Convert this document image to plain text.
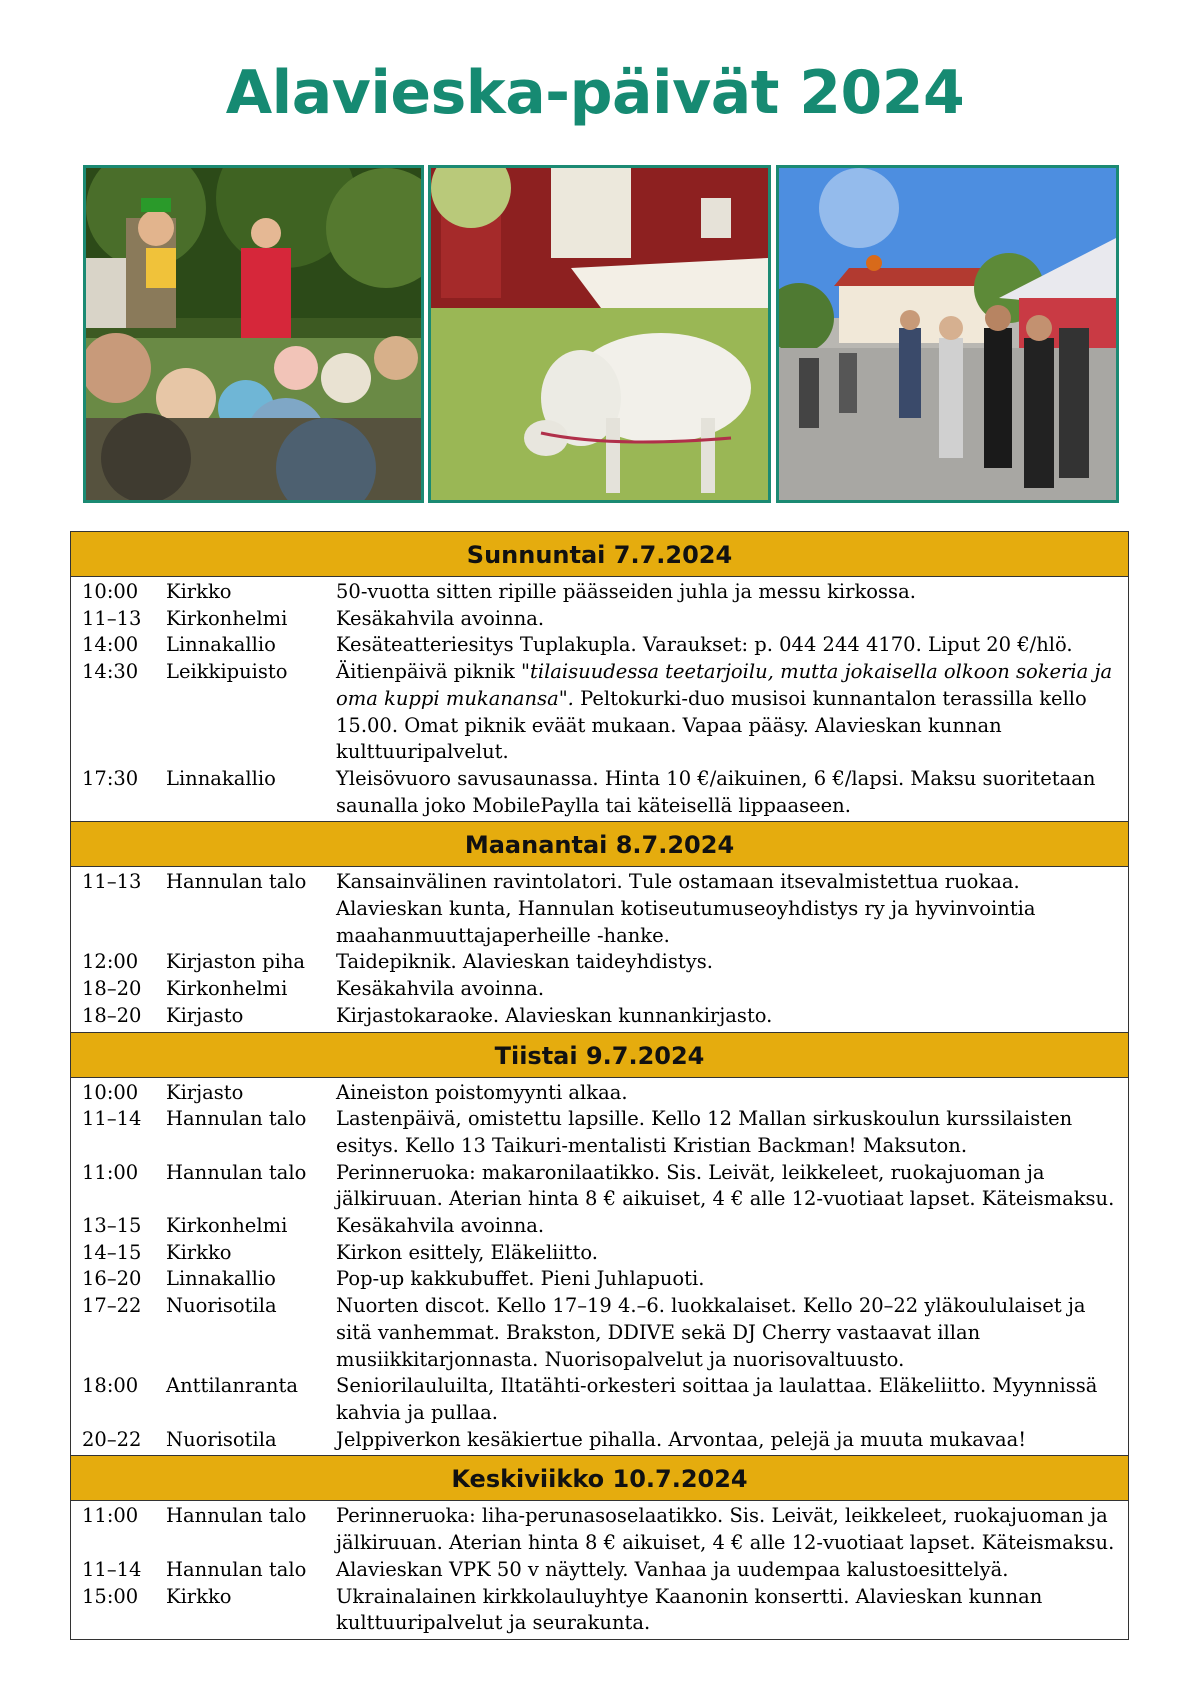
Alavieska-päivät 2024
Sunnuntai 7.7.2024
10:00	Kirkko	50-vuotta sitten ripille päässeiden juhla ja messu kirkossa.
11–13	Kirkonhelmi	Kesäkahvila avoinna.
14:00	Linnakallio	Kesäteatteriesitys Tuplakupla. Varaukset: p. 044 244 4170. Liput 20 €/hlö.
14:30	Leikkipuisto	Äitienpäivä piknik "tilaisuudessa teetarjoilu, mutta jokaisella olkoon sokeria ja oma kuppi mukanansa". Peltokurki-duo musisoi kunnantalon terassilla kello 15.00. Omat piknik eväät mukaan. Vapaa pääsy. Alavieskan kunnan kulttuuripalvelut.
17:30	Linnakallio	Yleisövuoro savusaunassa. Hinta 10 €/aikuinen, 6 €/lapsi. Maksu suoritetaan saunalla joko MobilePaylla tai käteisellä lippaaseen.
Maanantai 8.7.2024
11–13	Hannulan talo	Kansainvälinen ravintolatori. Tule ostamaan itsevalmistettua ruokaa. Alavieskan kunta, Hannulan kotiseutumuseoyhdistys ry ja hyvinvointia maahanmuuttajaperheille -hanke.
12:00	Kirjaston piha	Taidepiknik. Alavieskan taideyhdistys.
18–20	Kirkonhelmi	Kesäkahvila avoinna.
18–20	Kirjasto	Kirjastokaraoke. Alavieskan kunnankirjasto.
Tiistai 9.7.2024
10:00	Kirjasto	Aineiston poistomyynti alkaa.
11–14	Hannulan talo	Lastenpäivä, omistettu lapsille. Kello 12 Mallan sirkuskoulun kurssilaisten esitys. Kello 13 Taikuri-mentalisti Kristian Backman! Maksuton.
11:00	Hannulan talo	Perinneruoka: makaronilaatikko. Sis. Leivät, leikkeleet, ruokajuoman ja jälkiruuan. Aterian hinta 8 € aikuiset, 4 € alle 12-vuotiaat lapset. Käteismaksu.
13–15	Kirkonhelmi	Kesäkahvila avoinna.
14–15	Kirkko	Kirkon esittely, Eläkeliitto.
16–20	Linnakallio	Pop-up kakkubuffet. Pieni Juhlapuoti.
17–22	Nuorisotila	Nuorten discot. Kello 17–19 4.–6. luokkalaiset. Kello 20–22 yläkoululaiset ja sitä vanhemmat. Brakston, DDIVE sekä DJ Cherry vastaavat illan musiikkitarjonnasta. Nuorisopalvelut ja nuorisovaltuusto.
18:00	Anttilanranta	Seniorilauluilta, Iltatähti-orkesteri soittaa ja laulattaa. Eläkeliitto. Myynnissä kahvia ja pullaa.
20–22	Nuorisotila	Jelppiverkon kesäkiertue pihalla. Arvontaa, pelejä ja muuta mukavaa!
Keskiviikko 10.7.2024
11:00	Hannulan talo	Perinneruoka: liha-perunasoselaatikko. Sis. Leivät, leikkeleet, ruokajuoman ja jälkiruuan. Aterian hinta 8 € aikuiset, 4 € alle 12-vuotiaat lapset. Käteismaksu.
11–14	Hannulan talo	Alavieskan VPK 50 v näyttely. Vanhaa ja uudempaa kalustoesittelyä.
15:00	Kirkko	Ukrainalainen kirkkolauluyhtye Kaanonin konsertti. Alavieskan kunnan kulttuuripalvelut ja seurakunta.
